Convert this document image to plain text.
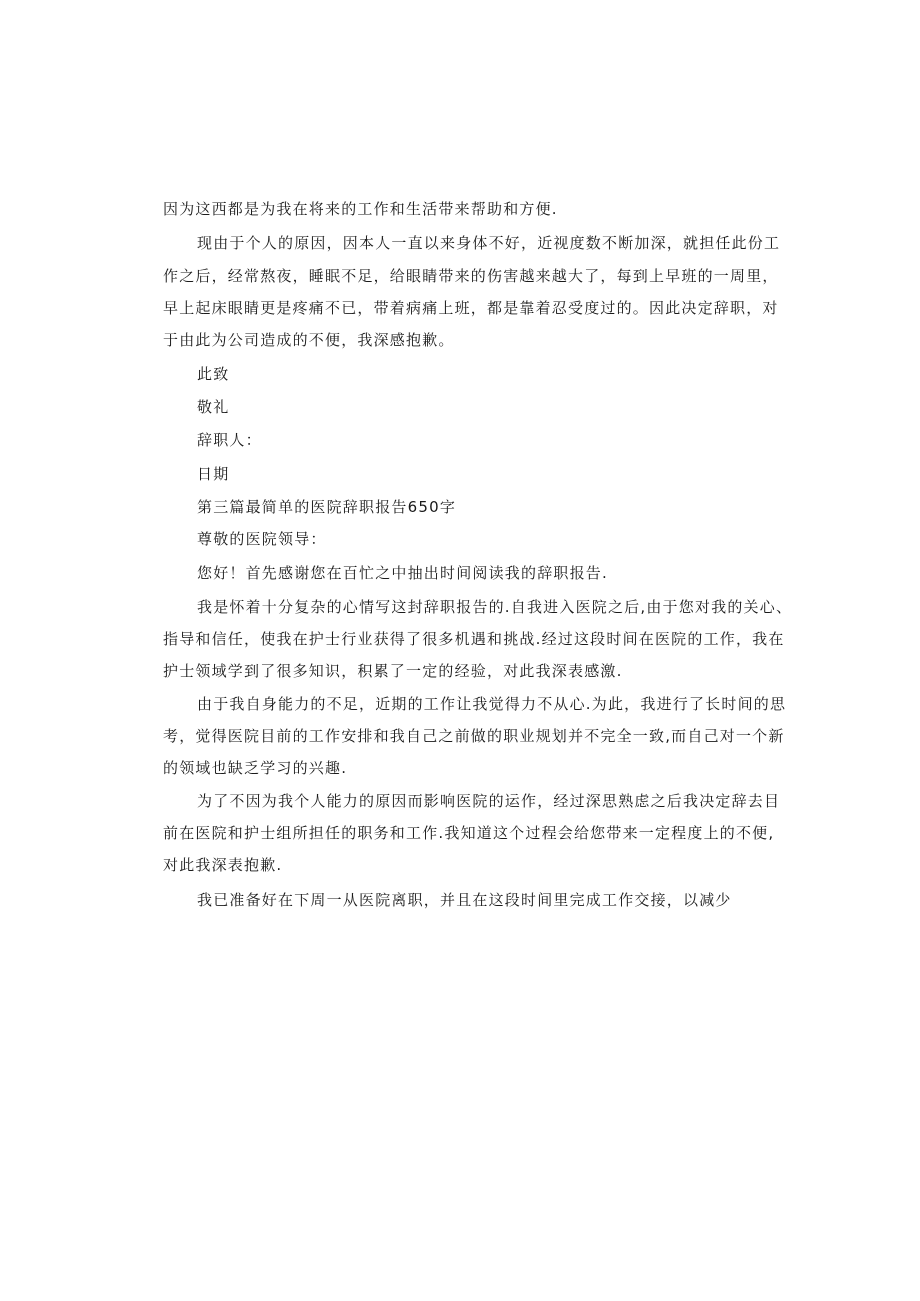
因为这西都是为我在将来的工作和生活带来帮助和方便.
现由于个人的原因，因本人一直以来身体不好，近视度数不断加深，就担任此份工
作之后，经常熬夜，睡眠不足，给眼睛带来的伤害越来越大了，每到上早班的一周里，
早上起床眼睛更是疼痛不已，带着病痛上班，都是靠着忍受度过的。因此决定辞职，对
于由此为公司造成的不便，我深感抱歉。
此致
敬礼
辞职人：
日期
第三篇最简单的医院辞职报告650字
尊敬的医院领导：
您好！首先感谢您在百忙之中抽出时间阅读我的辞职报告.
我是怀着十分复杂的心情写这封辞职报告的.自我进入医院之后,由于您对我的关心、
指导和信任，使我在护士行业获得了很多机遇和挑战.经过这段时间在医院的工作，我在
护士领域学到了很多知识，积累了一定的经验，对此我深表感激.
由于我自身能力的不足，近期的工作让我觉得力不从心.为此，我进行了长时间的思
考，觉得医院目前的工作安排和我自己之前做的职业规划并不完全一致,而自己对一个新
的领域也缺乏学习的兴趣.
为了不因为我个人能力的原因而影响医院的运作，经过深思熟虑之后我决定辞去目
前在医院和护士组所担任的职务和工作.我知道这个过程会给您带来一定程度上的不便,
对此我深表抱歉.
我已准备好在下周一从医院离职，并且在这段时间里完成工作交接，以减少
